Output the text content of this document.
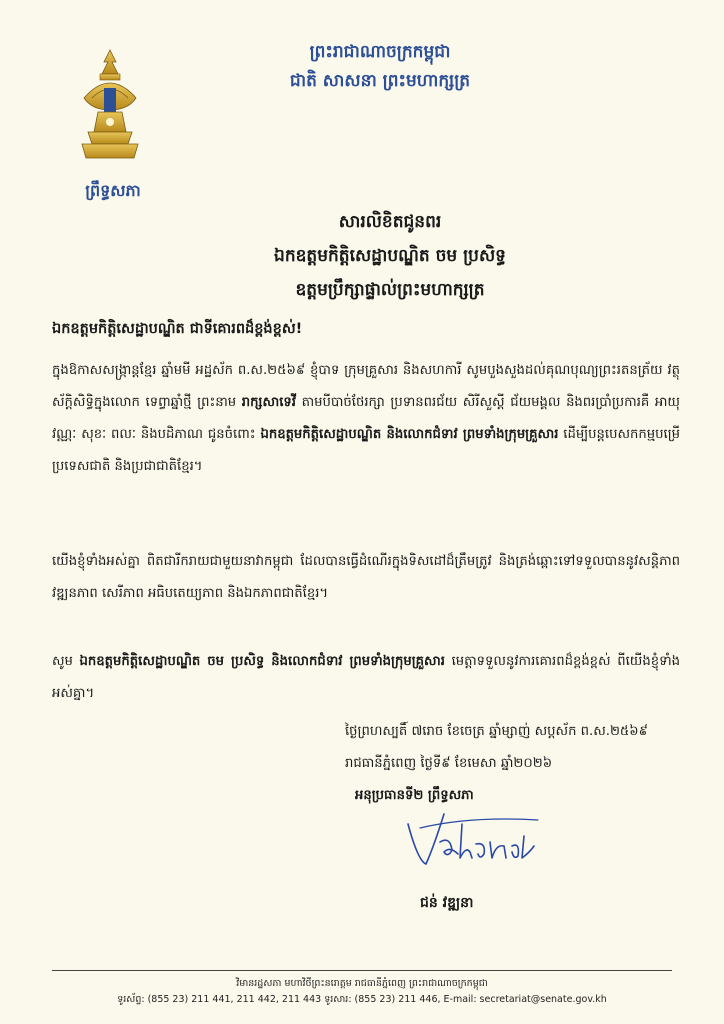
ព្រឹទ្ធសភា
ព្រះរាជាណាចក្រកម្ពុជា
ជាតិ សាសនា ព្រះមហាក្សត្រ
សារលិខិតជូនពរ
ឯកឧត្តមកិត្តិសេដ្ឋាបណ្ឌិត ចម ប្រសិទ្ធ
ឧត្តមប្រឹក្សាផ្ទាល់ព្រះមហាក្សត្រ
ឯកឧត្តមកិត្តិសេដ្ឋាបណ្ឌិត ជាទីគោរពដ៏ខ្ពង់ខ្ពស់!
ក្នុងឱកាសសង្ក្រាន្តខ្មែរ ឆ្នាំមមី អដ្ឋស័ក ព.ស.២៥៦៩ ខ្ញុំបាទ ក្រុមគ្រួសារ និងសហការី សូមបួងសួងដល់គុណបុណ្យព្រះរតនត្រ័យ វត្ថុស័ក្តិសិទ្ធិក្នុងលោក ទេព្ធាឆ្នាំថ្មី ព្រះនាម រាក្សសាទេវី តាមបីបាច់ថែរក្សា ប្រទានពរជ័យ សិរីសួស្តី ជ័យមង្គល និងពរប្រាំប្រការគឺ អាយុ វណ្ណៈ សុខៈ ពលៈ និងបដិភាណ ជូនចំពោះ ឯកឧត្តមកិត្តិសេដ្ឋាបណ្ឌិត និងលោកជំទាវ ព្រមទាំងក្រុមគ្រួសារ ដើម្បីបន្តបេសកកម្មបម្រើប្រទេសជាតិ និងប្រជាជាតិខ្មែរ។
យើងខ្ញុំទាំងអស់គ្នា ពិតជារីករាយជាមួយនាវាកម្ពុជា ដែលបានធ្វើដំណើរក្នុងទិសដៅដ៏ត្រឹមត្រូវ និងត្រង់ឆ្ពោះទៅទទួលបាននូវសន្តិភាព វឌ្ឍនភាព សេរីភាព អធិបតេយ្យភាព និងឯកភាពជាតិខ្មែរ។
សូម ឯកឧត្តមកិត្តិសេដ្ឋាបណ្ឌិត ចម ប្រសិទ្ធ និងលោកជំទាវ ព្រមទាំងក្រុមគ្រួសារ មេត្តាទទួលនូវការគោរពដ៏ខ្ពង់ខ្ពស់ ពីយើងខ្ញុំទាំងអស់គ្នា។
ថ្ងៃព្រហស្បតិ៍ ៧រោច ខែចេត្រ ឆ្នាំម្សាញ់ សប្តស័ក ព.ស.២៥៦៩
រាជធានីភ្នំពេញ ថ្ងៃទី៩ ខែមេសា ឆ្នាំ២០២៦
អនុប្រធានទី២ ព្រឹទ្ធសភា
ជន់ វឌ្ឍនា
វិមានរដ្ឋសភា មហាវិថីព្រះនរោត្តម រាជធានីភ្នំពេញ ព្រះរាជាណាចក្រកម្ពុជា
ទូរស័ព្ទ: (855 23) 211 441, 211 442, 211 443 ទូរសារ: (855 23) 211 446, E-mail: secretariat@senate.gov.kh
